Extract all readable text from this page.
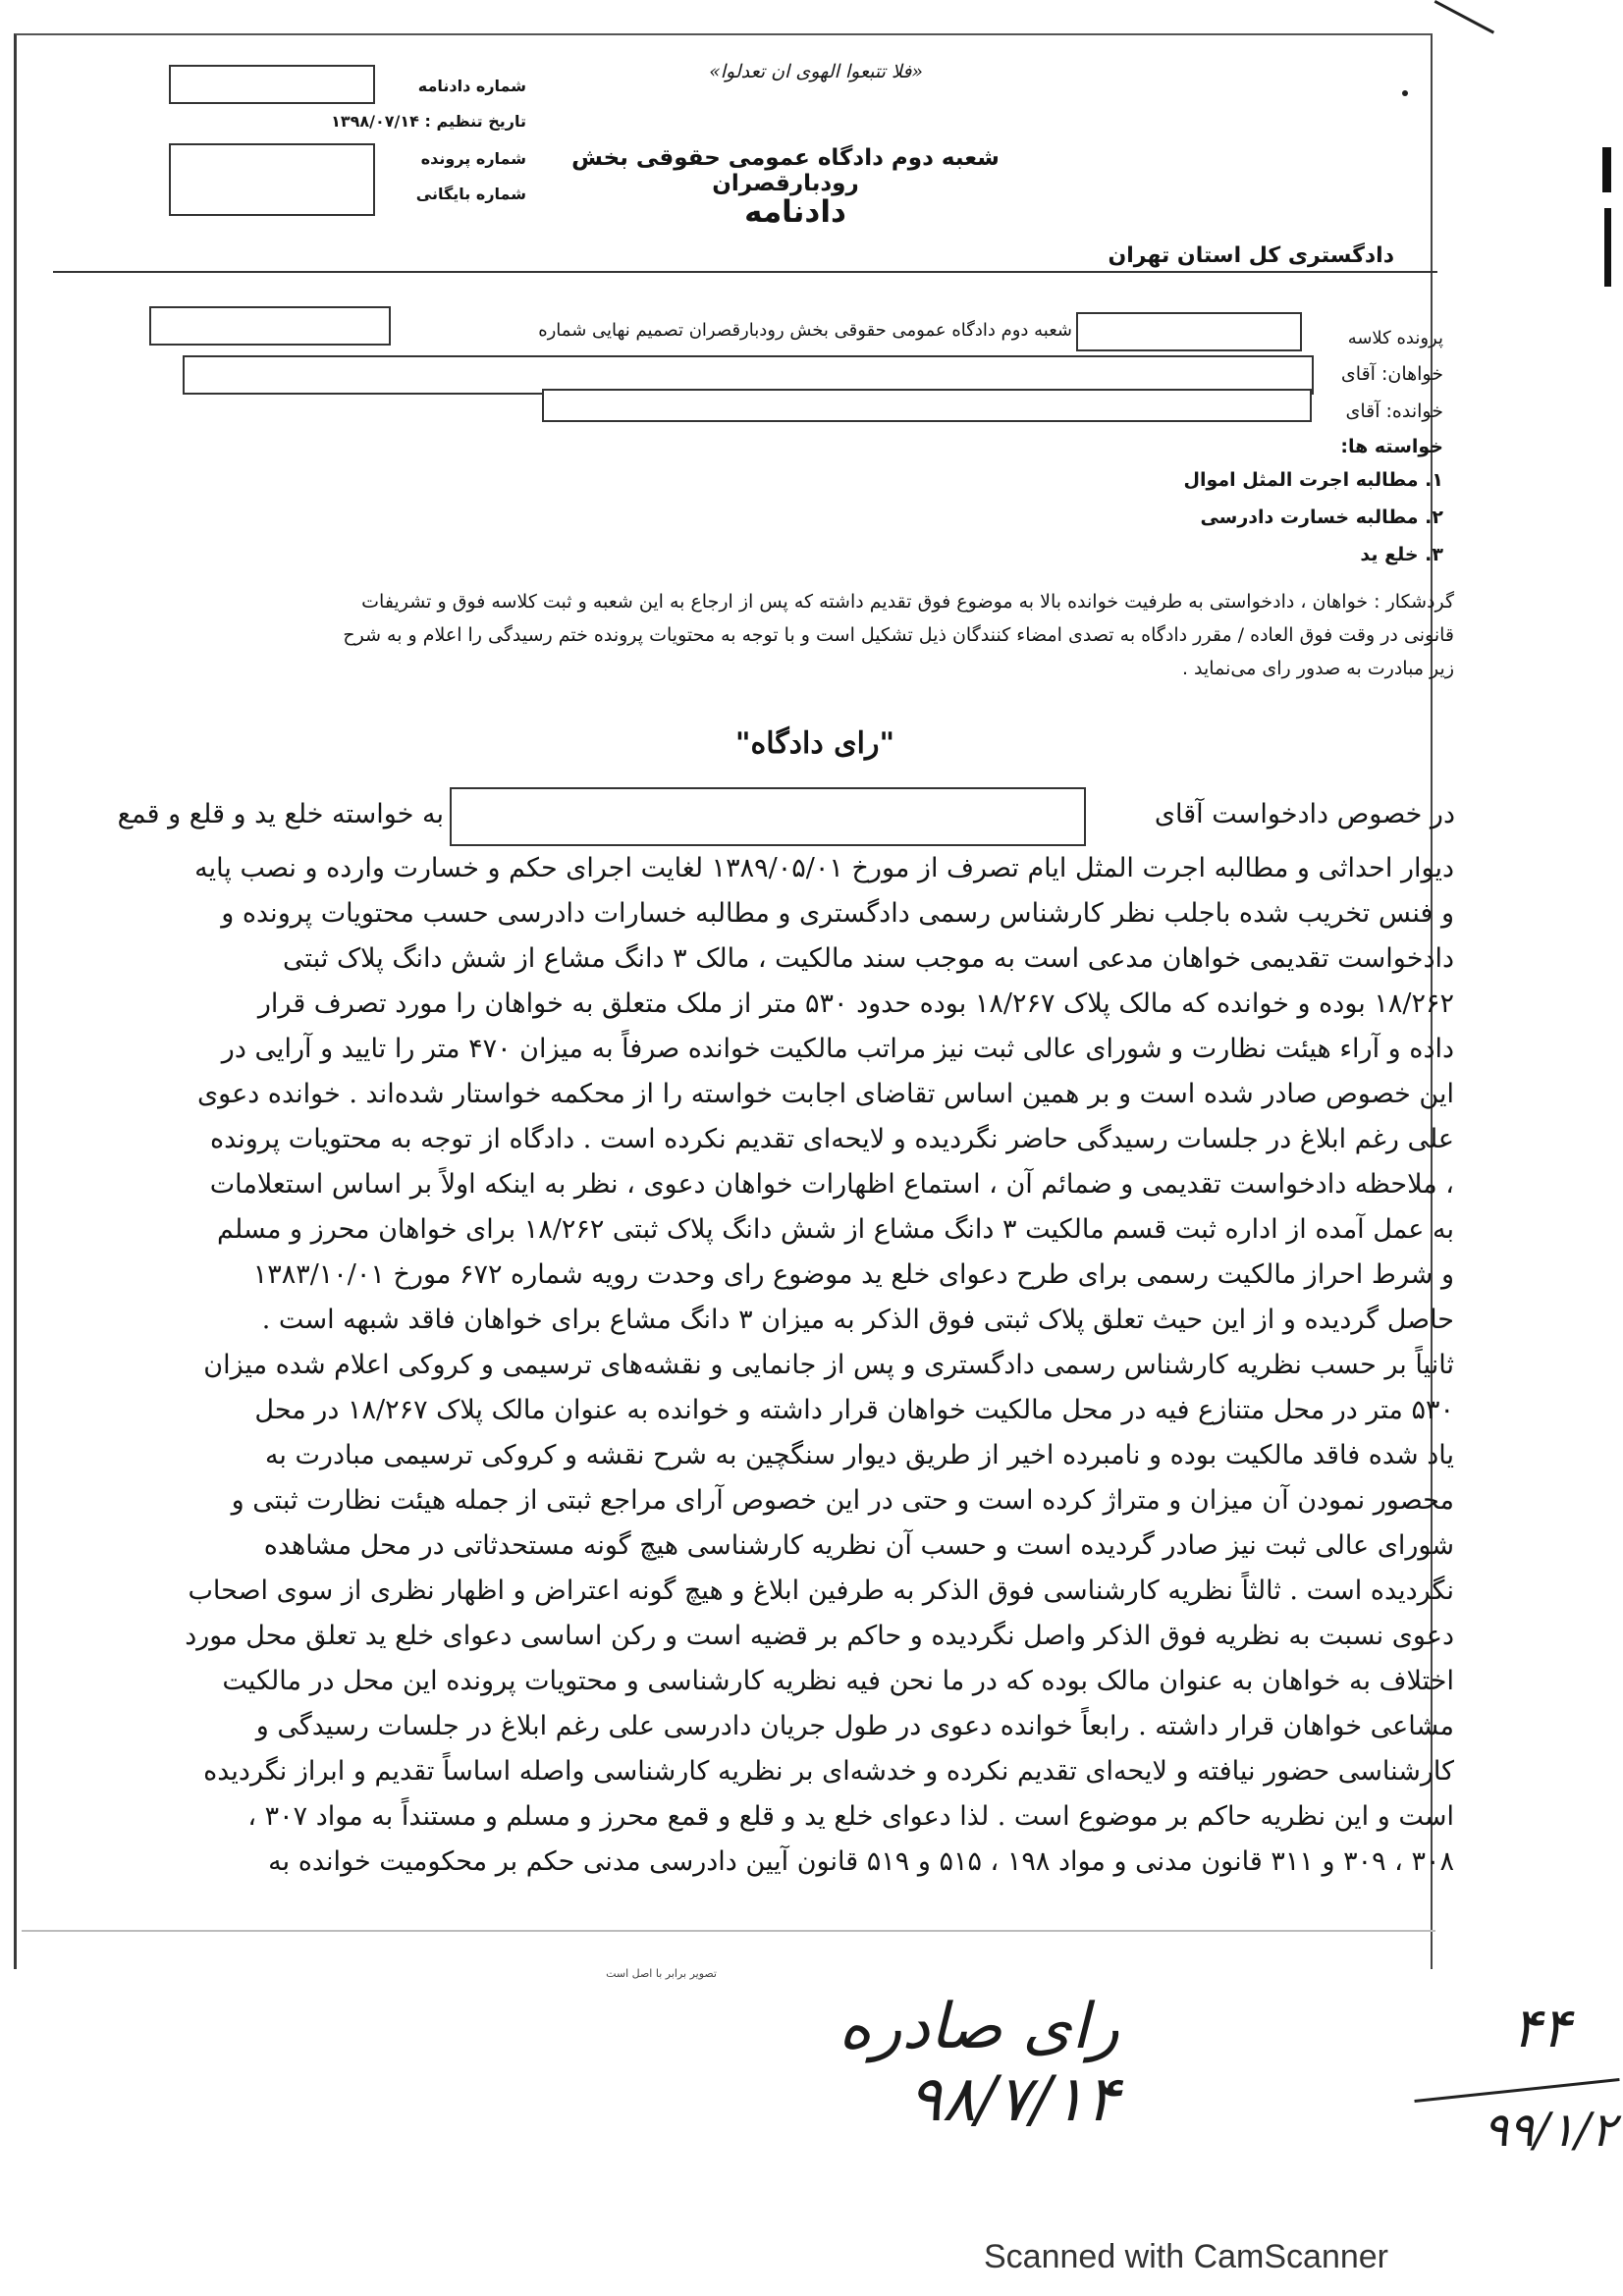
«فلا تتبعوا الهوی ان تعدلوا»
شماره دادنامه
تاریخ تنظیم : ۱۳۹۸/۰۷/۱۴
شماره پرونده
شماره بایگانی
شعبه دوم دادگاه عمومی حقوقی بخش رودبارقصران
دادنامه
دادگستری کل استان تهران
شعبه دوم دادگاه عمومی حقوقی بخش رودبارقصران تصمیم نهایی شماره	پرونده کلاسه
خواهان: آقای
خوانده: آقای
خواسته ها:
۱. مطالبه اجرت المثل اموال
۲. مطالبه خسارت دادرسی
۳. خلع ید
گردشکار : خواهان ، دادخواستی به طرفیت خوانده بالا به موضوع فوق تقدیم داشته که پس از ارجاع به این شعبه و ثبت کلاسه فوق و تشریفات
قانونی در وقت فوق العاده / مقرر دادگاه به تصدی امضاء کنندگان ذیل تشکیل است و با توجه به محتویات پرونده ختم رسیدگی را اعلام و به شرح
زیر مبادرت به صدور رای می‌نماید .
"رای دادگاه"
در خصوص دادخواست آقای
به خواسته خلع ید و قلع و قمع
دیوار احداثی و مطالبه اجرت المثل ایام تصرف از مورخ ۱۳۸۹/۰۵/۰۱ لغایت اجرای حکم و خسارت وارده و نصب پایه
و فنس تخریب شده باجلب نظر کارشناس رسمی دادگستری و مطالبه خسارات دادرسی حسب محتویات پرونده و
دادخواست تقدیمی خواهان مدعی است به موجب سند مالکیت ، مالک ۳ دانگ مشاع از شش دانگ پلاک ثبتی
۱۸/۲۶۲ بوده و خوانده که مالک پلاک ۱۸/۲۶۷ بوده حدود ۵۳۰ متر از ملک متعلق به خواهان را مورد تصرف قرار
داده و آراء هیئت نظارت و شورای عالی ثبت نیز مراتب مالکیت خوانده صرفاً به میزان ۴۷۰ متر را تایید و آرایی در
این خصوص صادر شده است و بر همین اساس تقاضای اجابت خواسته را از محکمه خواستار شده‌اند . خوانده دعوی
علی رغم ابلاغ در جلسات رسیدگی حاضر نگردیده و لایحه‌ای تقدیم نکرده است . دادگاه از توجه به محتویات پرونده
، ملاحظه دادخواست تقدیمی و ضمائم آن ، استماع اظهارات خواهان دعوی ، نظر به اینکه اولاً بر اساس استعلامات
به عمل آمده از اداره ثبت قسم مالکیت ۳ دانگ مشاع از شش دانگ پلاک ثبتی ۱۸/۲۶۲ برای خواهان محرز و مسلم
و شرط احراز مالکیت رسمی برای طرح دعوای خلع ید موضوع رای وحدت رویه شماره ۶۷۲ مورخ ۱۳۸۳/۱۰/۰۱
حاصل گردیده و از این حیث تعلق پلاک ثبتی فوق الذکر به میزان ۳ دانگ مشاع برای خواهان فاقد شبهه است .
ثانیاً بر حسب نظریه کارشناس رسمی دادگستری و پس از جانمایی و نقشه‌های ترسیمی و کروکی اعلام شده میزان
۵۳۰ متر در محل متنازع فیه در محل مالکیت خواهان قرار داشته و خوانده به عنوان مالک پلاک ۱۸/۲۶۷ در محل
یاد شده فاقد مالکیت بوده و نامبرده اخیر از طریق دیوار سنگچین به شرح نقشه و کروکی ترسیمی مبادرت به
محصور نمودن آن میزان و متراژ کرده است و حتی در این خصوص آرای مراجع ثبتی از جمله هیئت نظارت ثبتی و
شورای عالی ثبت نیز صادر گردیده است و حسب آن نظریه کارشناسی هیچ گونه مستحدثاتی در محل مشاهده
نگردیده است . ثالثاً نظریه کارشناسی فوق الذکر به طرفین ابلاغ و هیچ گونه اعتراض و اظهار نظری از سوی اصحاب
دعوی نسبت به نظریه فوق الذکر واصل نگردیده و حاکم بر قضیه است و رکن اساسی دعوای خلع ید تعلق محل مورد
اختلاف به خواهان به عنوان مالک بوده که در ما نحن فیه نظریه کارشناسی و محتویات پرونده این محل در مالکیت
مشاعی خواهان قرار داشته . رابعاً خوانده دعوی در طول جریان دادرسی علی رغم ابلاغ در جلسات رسیدگی و
کارشناسی حضور نیافته و لایحه‌ای تقدیم نکرده و خدشه‌ای بر نظریه کارشناسی واصله اساساً تقدیم و ابراز نگردیده
است و این نظریه حاکم بر موضوع است . لذا دعوای خلع ید و قلع و قمع محرز و مسلم و مستنداً به مواد ۳۰۷ ،
۳۰۸ ، ۳۰۹ و ۳۱۱ قانون مدنی و مواد ۱۹۸ ، ۵۱۵ و ۵۱۹ قانون آیین دادرسی مدنی حکم بر محکومیت خوانده به
تصویر برابر با اصل است
رای صادره ۹۸/۷/۱۴
۴۴
۹۹/۱/۲
Scanned with CamScanner
